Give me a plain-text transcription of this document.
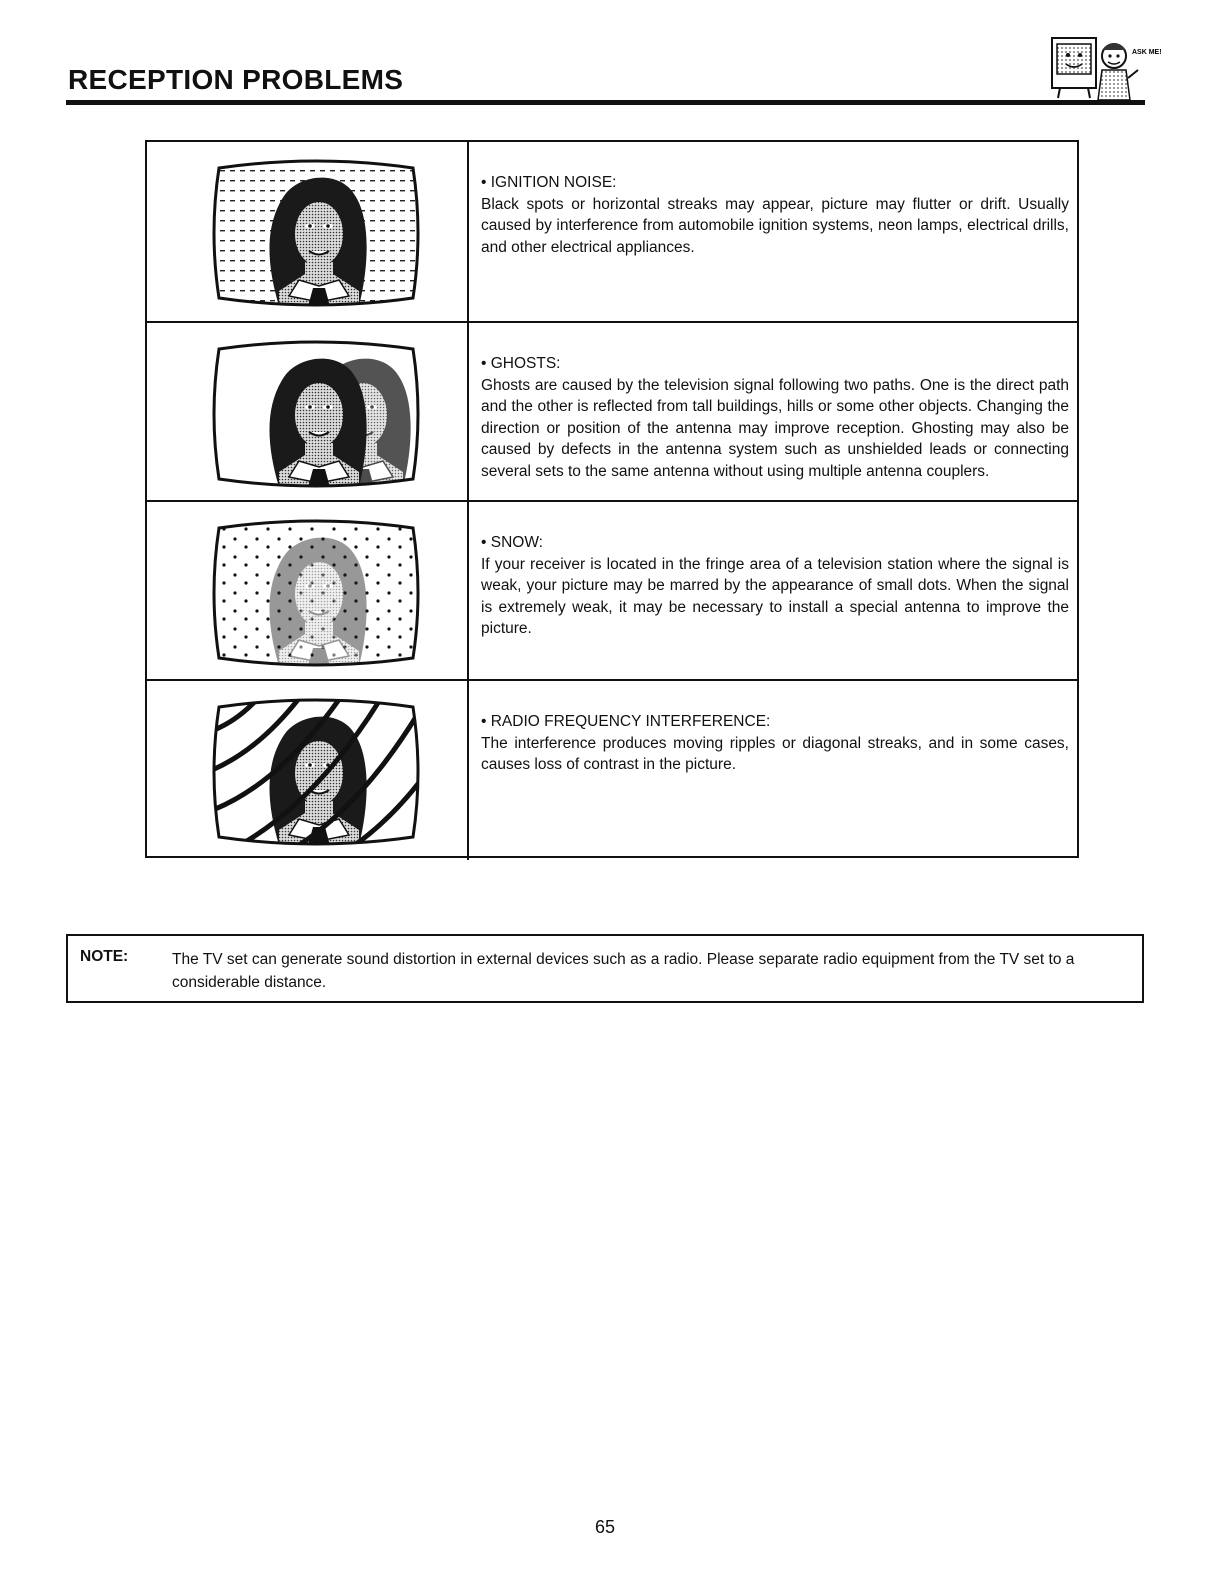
RECEPTION PROBLEMS
ASK ME!
• IGNITION NOISE:
Black spots or horizontal streaks may appear, picture may flutter or drift. Usually caused by interference from automobile ignition systems, neon lamps, electrical drills, and other electrical appliances.
• GHOSTS:
Ghosts are caused by the television signal following two paths. One is the direct path and the other is reflected from tall buildings, hills or some other objects. Changing the direction or position of the antenna may improve reception. Ghosting may also be caused by defects in the antenna system such as unshielded leads or connecting several sets to the same antenna without using multiple antenna couplers.
• SNOW:
If your receiver is located in the fringe area of a television station where the signal is weak, your picture may be marred by the appearance of small dots. When the signal is extremely weak, it may be necessary to install a special antenna to improve the picture.
• RADIO FREQUENCY INTERFERENCE:
The interference produces moving ripples or diagonal streaks, and in some cases, causes loss of contrast in the picture.
NOTE:	The TV set can generate sound distortion in external devices such as a radio. Please separate radio equipment from the TV set to a considerable distance.
65
